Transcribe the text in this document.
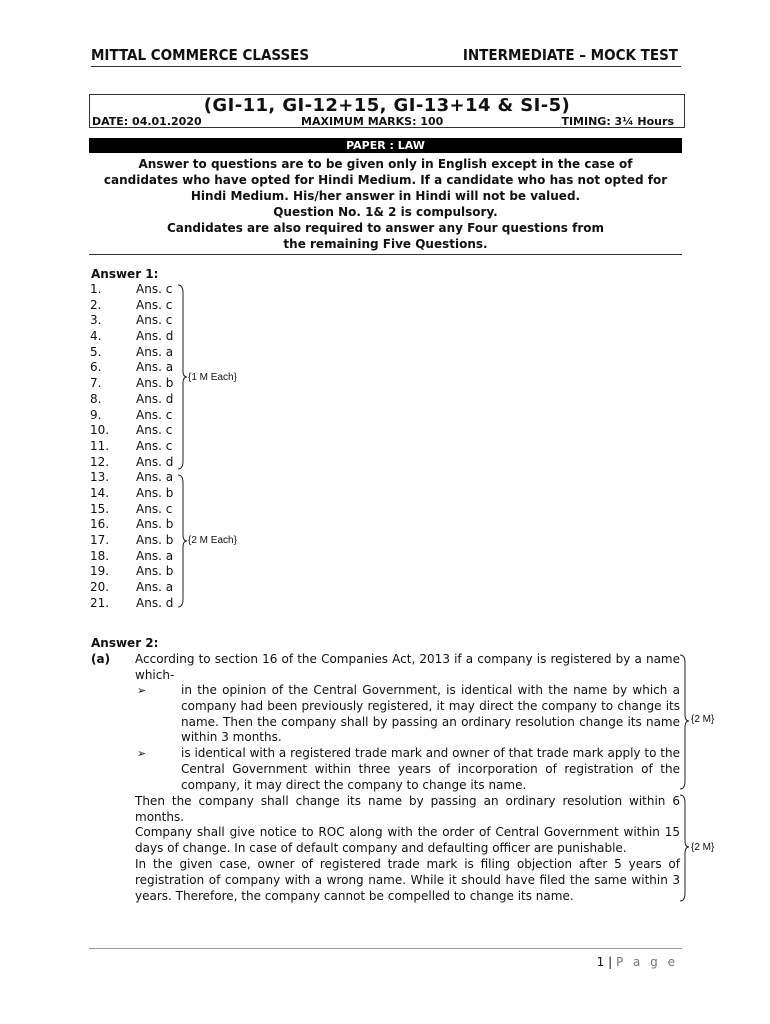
MITTAL COMMERCE CLASSES	INTERMEDIATE – MOCK TEST
(GI-11, GI-12+15, GI-13+14 & SI-5)
DATE: 04.01.2020	MAXIMUM MARKS: 100	TIMING: 3¼ Hours
PAPER : LAW
Answer to questions are to be given only in English except in the case of
candidates who have opted for Hindi Medium. If a candidate who has not opted for
Hindi Medium. His/her answer in Hindi will not be valued.
Question No. 1& 2 is compulsory.
Candidates are also required to answer any Four questions from
the remaining Five Questions.
Answer 1:
1.	Ans. c
2.	Ans. c
3.	Ans. c
4.	Ans. d
5.	Ans. a
6.	Ans. a
7.	Ans. b
8.	Ans. d
9.	Ans. c
10. Ans. c
11. Ans. c
12. Ans. d
13. Ans. a
14. Ans. b
15. Ans. c
16. Ans. b
17. Ans. b
18. Ans. a
19. Ans. b
20. Ans. a
21. Ans. d
{1 M Each}
{2 M Each}
Answer 2:
(a) According to section 16 of the Companies Act, 2013 if a company is registered by a name which-
➢	in the opinion of the Central Government, is identical with the name by which a company had been previously registered, it may direct the company to change its name. Then the company shall by passing an ordinary resolution change its name within 3 months.
➢	is identical with a registered trade mark and owner of that trade mark apply to the Central Government within three years of incorporation of registration of the company, it may direct the company to change its name.
Then the company shall change its name by passing an ordinary resolution within 6 months.
Company shall give notice to ROC along with the order of Central Government within 15 days of change. In case of default company and defaulting officer are punishable.
In the given case, owner of registered trade mark is filing objection after 5 years of registration of company with a wrong name. While it should have filed the same within 3 years. Therefore, the company cannot be compelled to change its name.
{2 M}
{2 M}
1 | P a g e
